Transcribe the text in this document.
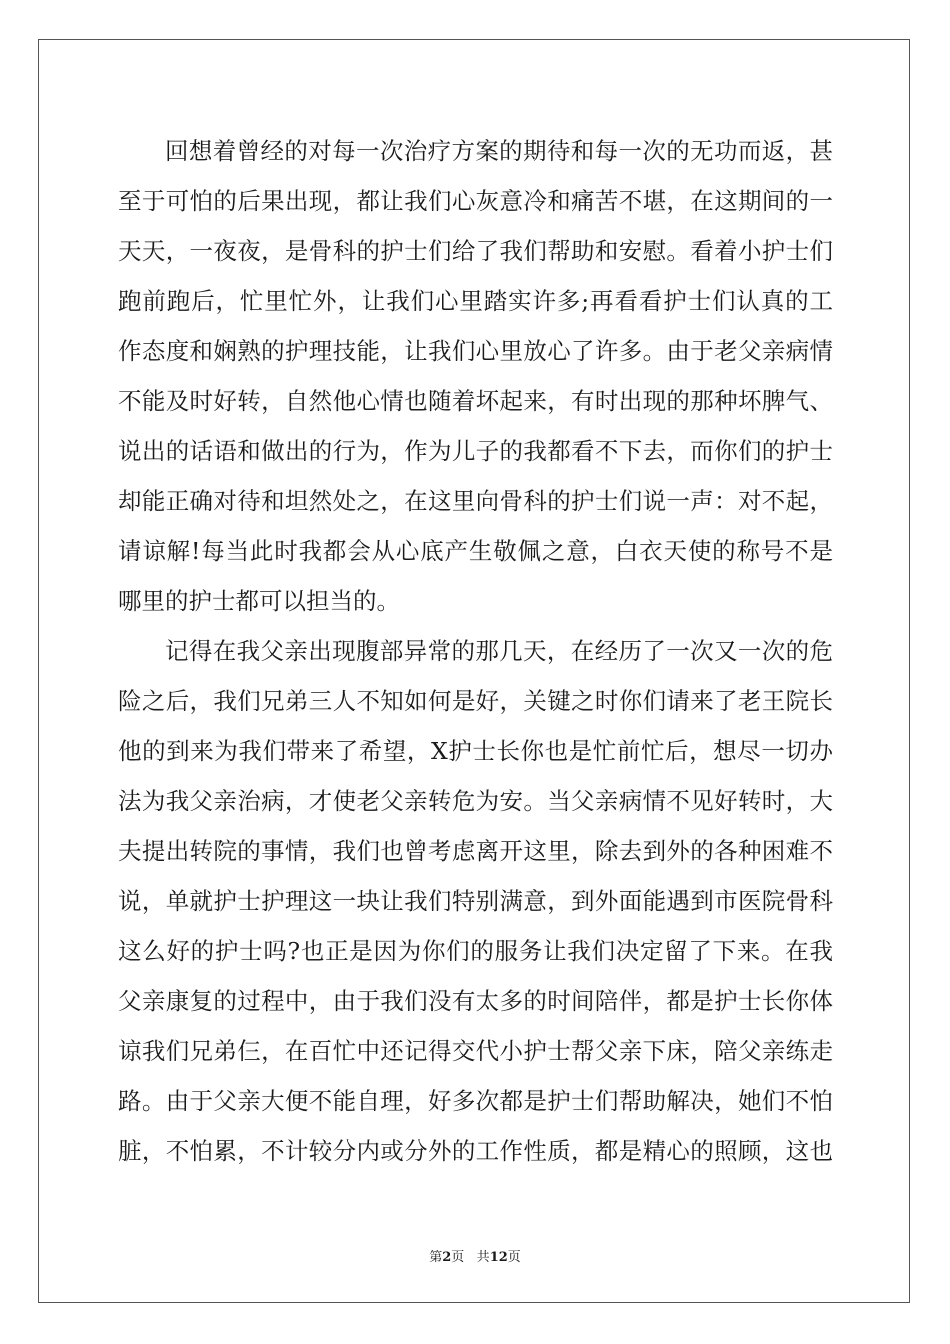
回想着曾经的对每一次治疗方案的期待和每一次的无功而返，甚
至于可怕的后果出现，都让我们心灰意冷和痛苦不堪，在这期间的一
天天，一夜夜，是骨科的护士们给了我们帮助和安慰。看着小护士们
跑前跑后，忙里忙外，让我们心里踏实许多;再看看护士们认真的工
作态度和娴熟的护理技能，让我们心里放心了许多。由于老父亲病情
不能及时好转，自然他心情也随着坏起来，有时出现的那种坏脾气、
说出的话语和做出的行为，作为儿子的我都看不下去，而你们的护士
却能正确对待和坦然处之，在这里向骨科的护士们说一声：对不起，
请谅解!每当此时我都会从心底产生敬佩之意，白衣天使的称号不是
哪里的护士都可以担当的。
记得在我父亲出现腹部异常的那几天，在经历了一次又一次的危
险之后，我们兄弟三人不知如何是好，关键之时你们请来了老王院长
他的到来为我们带来了希望，X护士长你也是忙前忙后，想尽一切办
法为我父亲治病，才使老父亲转危为安。当父亲病情不见好转时，大
夫提出转院的事情，我们也曾考虑离开这里，除去到外的各种困难不
说，单就护士护理这一块让我们特别满意，到外面能遇到市医院骨科
这么好的护士吗?也正是因为你们的服务让我们决定留了下来。在我
父亲康复的过程中，由于我们没有太多的时间陪伴，都是护士长你体
谅我们兄弟仨，在百忙中还记得交代小护士帮父亲下床，陪父亲练走
路。由于父亲大便不能自理，好多次都是护士们帮助解决，她们不怕
脏，不怕累，不计较分内或分外的工作性质，都是精心的照顾，这也
第2页 共12页
